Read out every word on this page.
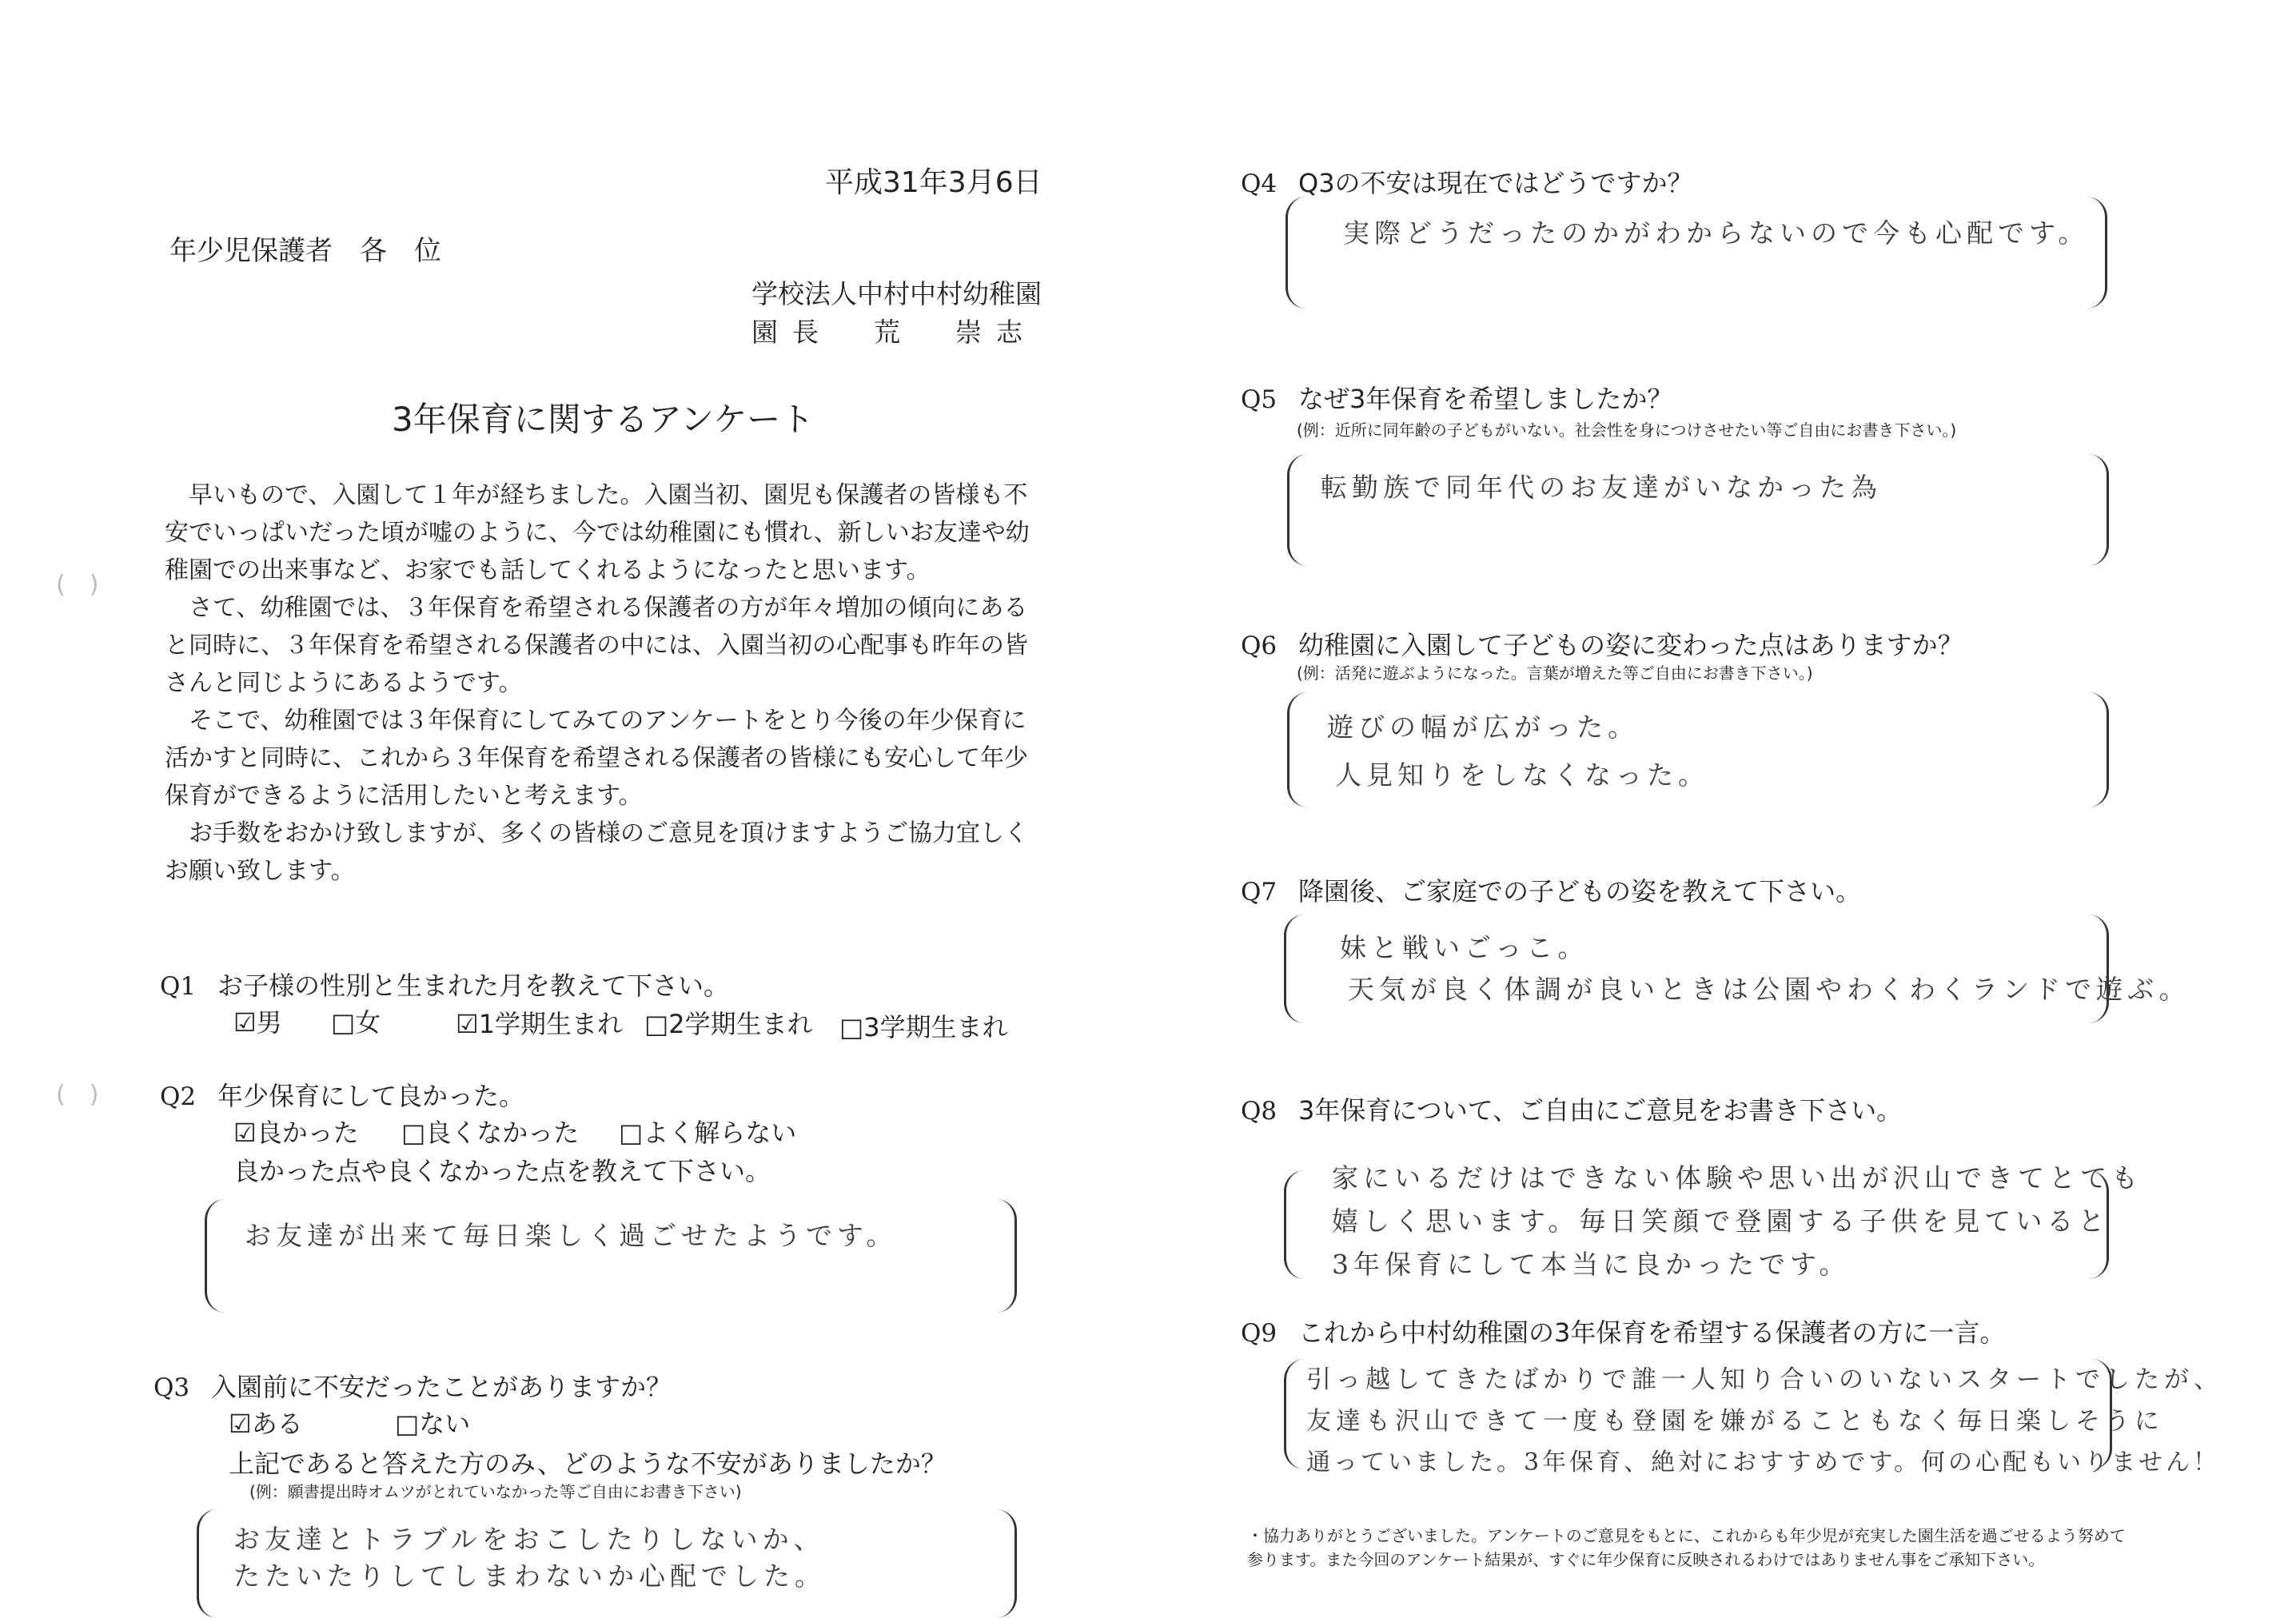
(　)
(　)
平成31年3月6日
年少児保護者　各　位
学校法人中村中村幼稚園
園長　荒　崇志
3年保育に関するアンケート

早いもので、入園して１年が経ちました。入園当初、園児も保護者の皆様も不安でいっぱいだった頃が嘘のように、今では幼稚園にも慣れ、新しいお友達や幼稚園での出来事など、お家でも話してくれるようになったと思います。

さて、幼稚園では、３年保育を希望される保護者の方が年々増加の傾向にあると同時に、３年保育を希望される保護者の中には、入園当初の心配事も昨年の皆さんと同じようにあるようです。

そこで、幼稚園では３年保育にしてみてのアンケートをとり今後の年少保育に活かすと同時に、これから３年保育を希望される保護者の皆様にも安心して年少保育ができるように活用したいと考えます。

お手数をおかけ致しますが、多くの皆様のご意見を頂けますようご協力宜しくお願い致します。

Q1 お子様の性別と生まれた月を教えて下さい。
☑男 □女	☑1学期生まれ □2学期生まれ □3学期生まれ
Q2 年少保育にして良かった。
☑良かった □良くなかった □よく解らない
良かった点や良くなかった点を教えて下さい。
お友達が出来て毎日楽しく過ごせたようです。
Q3 入園前に不安だったことがありますか？
☑ある	□ない
上記であると答えた方のみ、どのような不安がありましたか？
(例：願書提出時オムツがとれていなかった等ご自由にお書き下さい)
お友達とトラブルをおこしたりしないか、
たたいたりしてしまわないか心配でした。
Q4 Q3の不安は現在ではどうですか？
実際どうだったのかがわからないので今も心配です。
Q5 なぜ3年保育を希望しましたか？
(例：近所に同年齢の子どもがいない。社会性を身につけさせたい等ご自由にお書き下さい。)
転勤族で同年代のお友達がいなかった為
Q6 幼稚園に入園して子どもの姿に変わった点はありますか？
(例：活発に遊ぶようになった。言葉が増えた等ご自由にお書き下さい。)
遊びの幅が広がった。
人見知りをしなくなった。
Q7 降園後、ご家庭での子どもの姿を教えて下さい。
妹と戦いごっこ。
天気が良く体調が良いときは公園やわくわくランドで遊ぶ。
Q8 3年保育について、ご自由にご意見をお書き下さい。
家にいるだけはできない体験や思い出が沢山できてとても
嬉しく思います。毎日笑顔で登園する子供を見ていると
3年保育にして本当に良かったです。
Q9 これから中村幼稚園の3年保育を希望する保護者の方に一言。
引っ越してきたばかりで誰一人知り合いのいないスタートでしたが、
友達も沢山できて一度も登園を嫌がることもなく毎日楽しそうに
通っていました。3年保育、絶対におすすめです。何の心配もいりません！
・協力ありがとうございました。アンケートのご意見をもとに、これからも年少児が充実した園生活を過ごせるよう努めて参ります。また今回のアンケート結果が、すぐに年少保育に反映されるわけではありません事をご承知下さい。
